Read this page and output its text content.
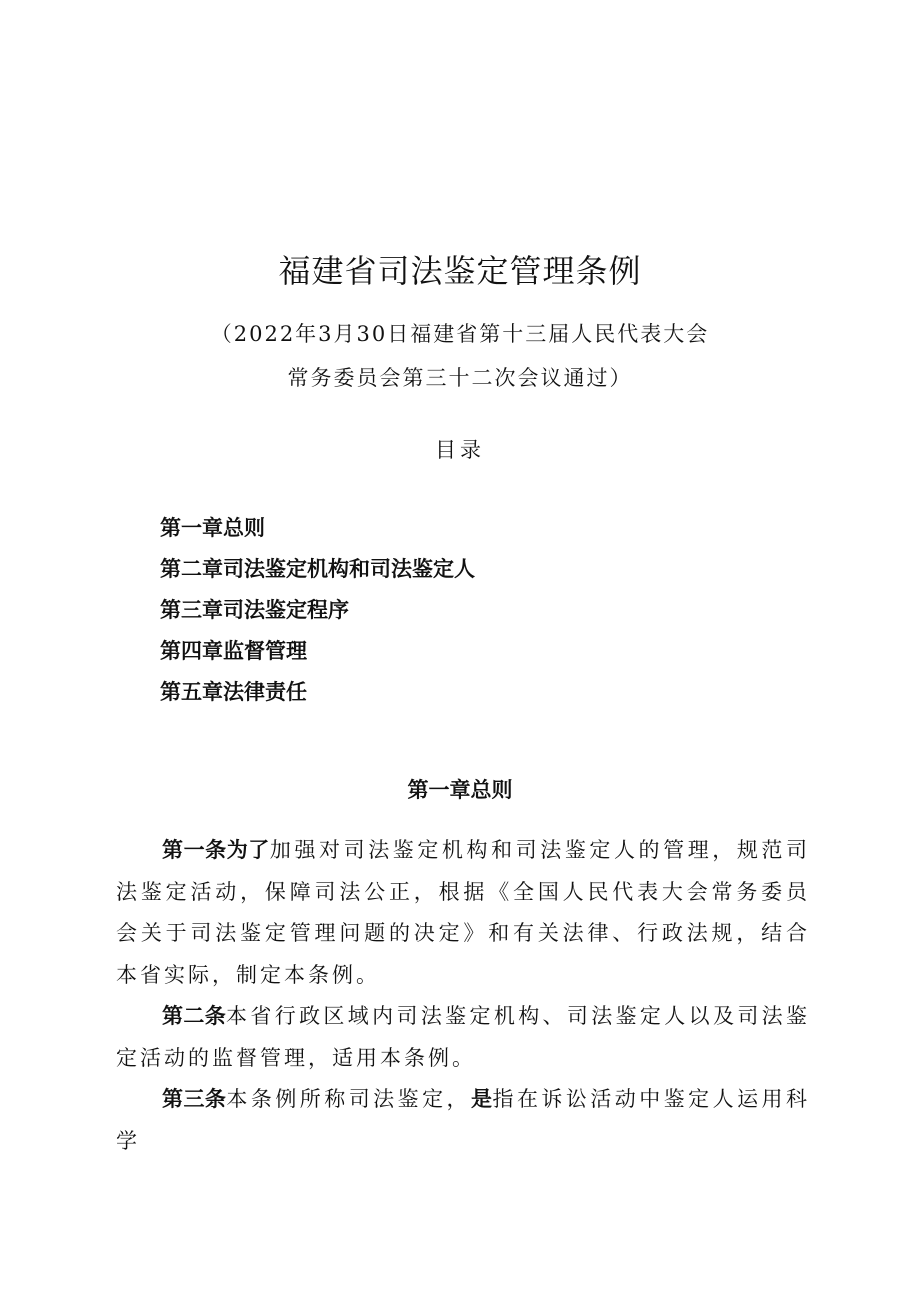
福建省司法鉴定管理条例
（2022年3月30日福建省第十三届人民代表大会
常务委员会第三十二次会议通过）
目录
第一章总则
第二章司法鉴定机构和司法鉴定人
第三章司法鉴定程序
第四章监督管理
第五章法律责任
第一章总则

第一条为了加强对司法鉴定机构和司法鉴定人的管理，规范司法鉴定活动，保障司法公正，根据《全国人民代表大会常务委员会关于司法鉴定管理问题的决定》和有关法律、行政法规，结合本省实际，制定本条例。

第二条本省行政区域内司法鉴定机构、司法鉴定人以及司法鉴定活动的监督管理，适用本条例。

第三条本条例所称司法鉴定，是指在诉讼活动中鉴定人运用科学
